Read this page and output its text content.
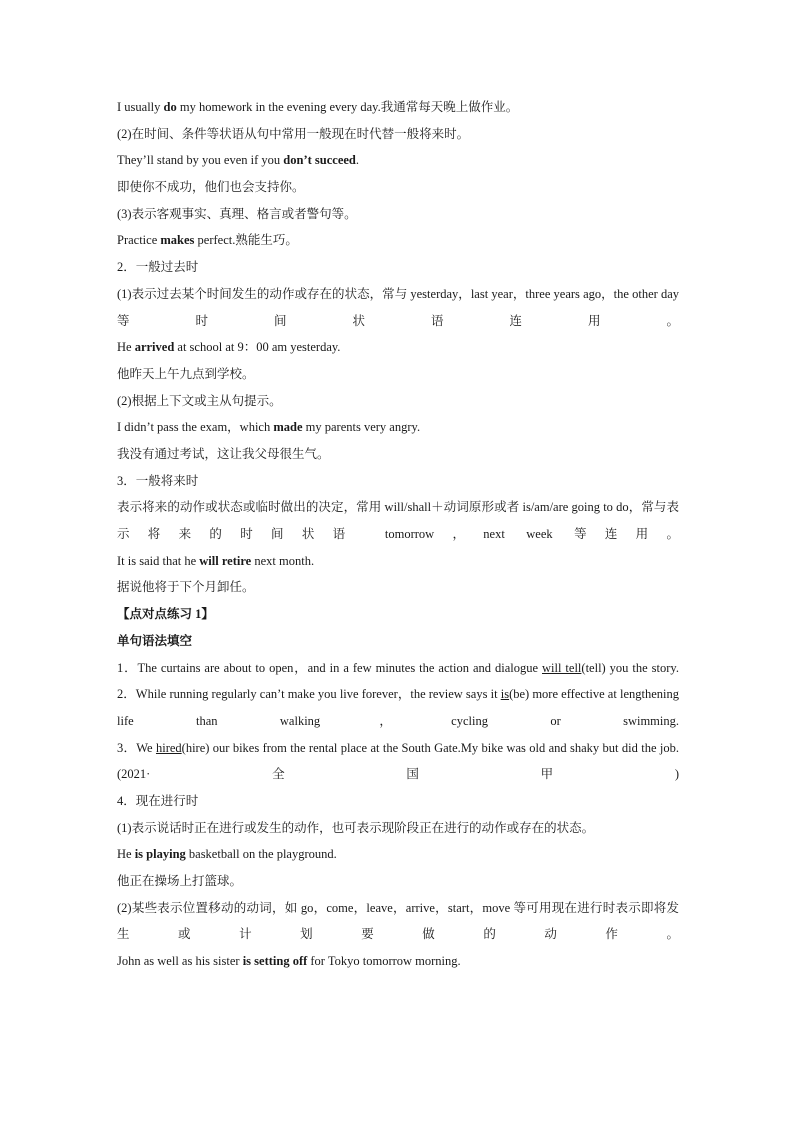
I usually do my homework in the evening every day.我通常每天晚上做作业。
(2)在时间、条件等状语从句中常用一般现在时代替一般将来时。
They’ll stand by you even if you don’t succeed.
即使你不成功，他们也会支持你。
(3)表示客观事实、真理、格言或者警句等。
Practice makes perfect.熟能生巧。
2．一般过去时
(1)表示过去某个时间发生的动作或存在的状态，常与 yesterday，last year，three years ago，the other day 等时间状语连用。
He arrived at school at 9：00 am yesterday.
他昨天上午九点到学校。
(2)根据上下文或主从句提示。
I didn’t pass the exam，which made my parents very angry.
我没有通过考试，这让我父母很生气。
3．一般将来时
表示将来的动作或状态或临时做出的决定，常用 will/shall＋动词原形或者 is/am/are going to do，常与表示将来的时间状语 tomorrow，next week 等连用。
It is said that he will retire next month.
据说他将于下个月卸任。
【点对点练习 1】
单句语法填空
1．The curtains are about to open，and in a few minutes the action and dialogue will tell(tell) you the story.
2．While running regularly can’t make you live forever，the review says it is(be) more effective at lengthening life than walking，cycling or swimming.
3．We hired(hire) our bikes from the rental place at the South Gate.My bike was old and shaky but did the job.(2021·全国甲)
4．现在进行时
(1)表示说话时正在进行或发生的动作，也可表示现阶段正在进行的动作或存在的状态。
He is playing basketball on the playground.
他正在操场上打篮球。
(2)某些表示位置移动的动词，如 go，come，leave，arrive，start，move 等可用现在进行时表示即将发生或计划要做的动作。
John as well as his sister is setting off for Tokyo tomorrow morning.
